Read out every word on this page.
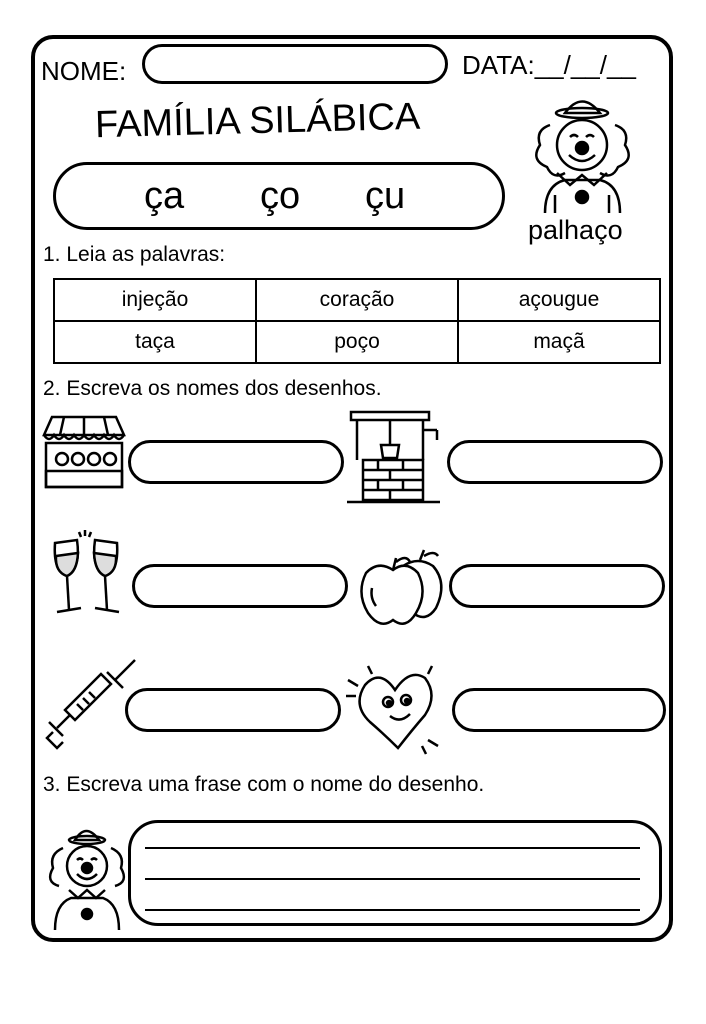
NOME:	DATA:__/__/__
FAMÍLIA SILÁBICA
ça ço çu
palhaço
1. Leia as palavras:
injeção	coração	açougue
taça	poço	maçã
2. Escreva os nomes dos desenhos.
3. Escreva uma frase com o nome do desenho.
